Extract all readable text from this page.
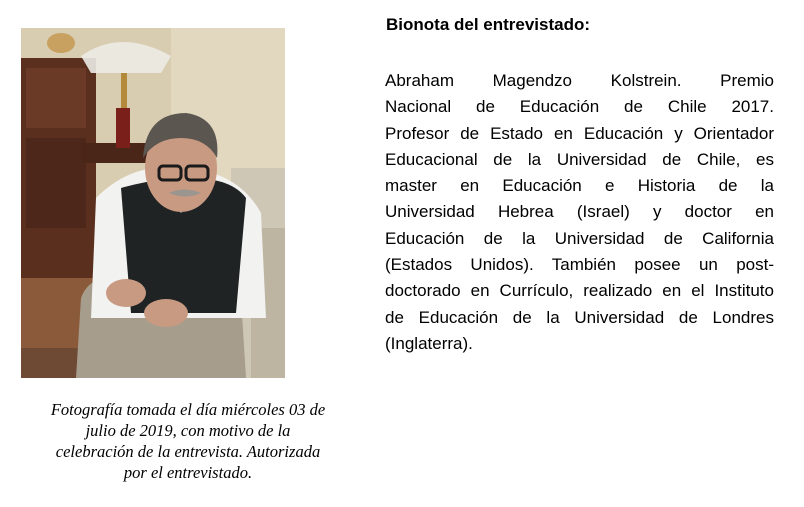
Fotografía tomada el día miércoles 03 de
julio de 2019, con motivo de la
celebración de la entrevista. Autorizada
por el entrevistado.
Bionota del entrevistado:
Abraham Magendzo Kolstrein. Premio
Nacional de Educación de Chile 2017.
Profesor de Estado en Educación y Orientador
Educacional de la Universidad de Chile, es
master en Educación e Historia de la
Universidad Hebrea (Israel) y doctor en
Educación de la Universidad de California
(Estados Unidos). También posee un post-
doctorado en Currículo, realizado en el Instituto
de Educación de la Universidad de Londres
(Inglaterra).
